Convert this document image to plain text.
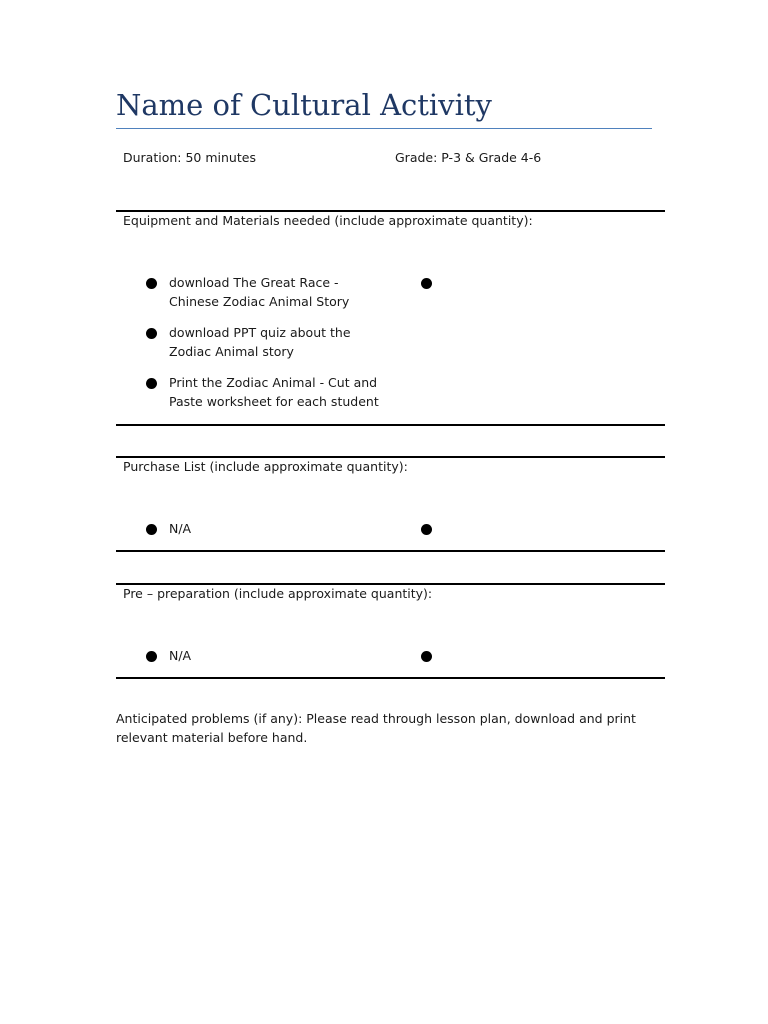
Name of Cultural Activity
Duration: 50 minutes	Grade: P-3 & Grade 4-6
Equipment and Materials needed (include approximate quantity):
download The Great Race - Chinese Zodiac Animal Story
download PPT quiz about the Zodiac Animal story
Print the Zodiac Animal - Cut and Paste worksheet for each student
Purchase List (include approximate quantity):
N/A
Pre – preparation (include approximate quantity):
N/A

Anticipated problems (if any): Please read through lesson plan, download and print relevant material before hand.
